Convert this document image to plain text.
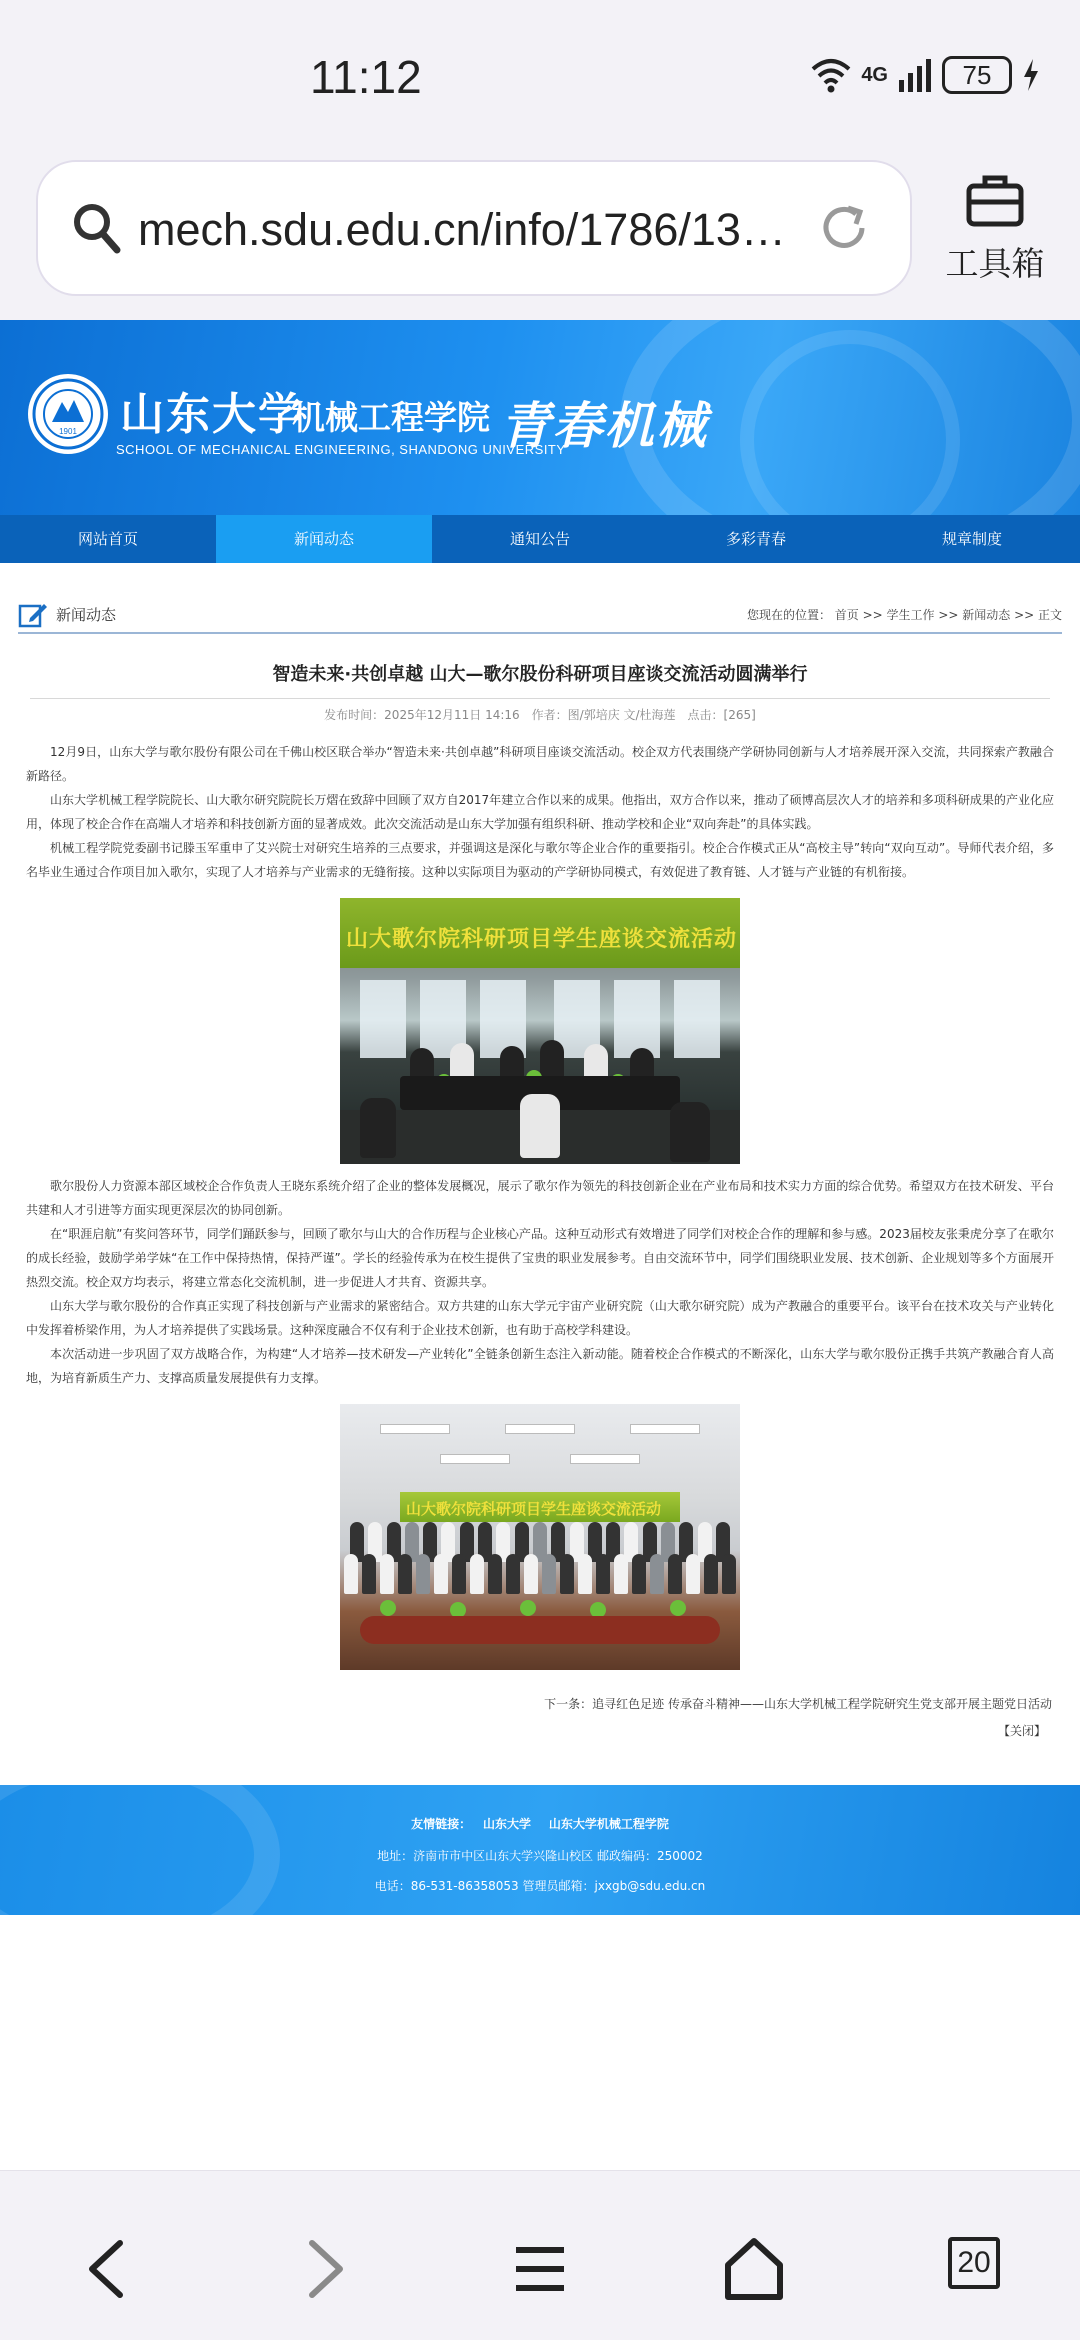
11:12	4G	75
mech.sdu.edu.cn/info/1786/13…
工具箱
1901 山东大学
机械工程学院
SCHOOL OF MECHANICAL ENGINEERING, SHANDONG UNIVERSITY
青春机械
网站首页	新闻动态	通知公告	多彩青春	规章制度
新闻动态	您现在的位置： 首页 >> 学生工作 >> 新闻动态 >> 正文
智造未来·共创卓越 山大—歌尔股份科研项目座谈交流活动圆满举行
发布时间：2025年12月11日 14:16　作者：图/郭培庆 文/杜海莲　点击：[265]

12月9日，山东大学与歌尔股份有限公司在千佛山校区联合举办“智造未来·共创卓越”科研项目座谈交流活动。校企双方代表围绕产学研协同创新与人才培养展开深入交流，共同探索产教融合新路径。

山东大学机械工程学院院长、山大歌尔研究院院长万熠在致辞中回顾了双方自2017年建立合作以来的成果。他指出，双方合作以来，推动了硕博高层次人才的培养和多项科研成果的产业化应用，体现了校企合作在高端人才培养和科技创新方面的显著成效。此次交流活动是山东大学加强有组织科研、推动学校和企业“双向奔赴”的具体实践。

机械工程学院党委副书记滕玉军重申了艾兴院士对研究生培养的三点要求，并强调这是深化与歌尔等企业合作的重要指引。校企合作模式正从“高校主导”转向“双向互动”。导师代表介绍，多名毕业生通过合作项目加入歌尔，实现了人才培养与产业需求的无缝衔接。这种以实际项目为驱动的产学研协同模式，有效促进了教育链、人才链与产业链的有机衔接。

山大歌尔院科研项目学生座谈交流活动

歌尔股份人力资源本部区域校企合作负责人王晓东系统介绍了企业的整体发展概况，展示了歌尔作为领先的科技创新企业在产业布局和技术实力方面的综合优势。希望双方在技术研发、平台共建和人才引进等方面实现更深层次的协同创新。

在“职涯启航”有奖问答环节，同学们踊跃参与，回顾了歌尔与山大的合作历程与企业核心产品。这种互动形式有效增进了同学们对校企合作的理解和参与感。2023届校友张秉虎分享了在歌尔的成长经验，鼓励学弟学妹“在工作中保持热情，保持严谨”。学长的经验传承为在校生提供了宝贵的职业发展参考。自由交流环节中，同学们围绕职业发展、技术创新、企业规划等多个方面展开热烈交流。校企双方均表示，将建立常态化交流机制，进一步促进人才共育、资源共享。

山东大学与歌尔股份的合作真正实现了科技创新与产业需求的紧密结合。双方共建的山东大学元宇宙产业研究院（山大歌尔研究院）成为产教融合的重要平台。该平台在技术攻关与产业转化中发挥着桥梁作用，为人才培养提供了实践场景。这种深度融合不仅有利于企业技术创新，也有助于高校学科建设。

本次活动进一步巩固了双方战略合作，为构建“人才培养—技术研发—产业转化”全链条创新生态注入新动能。随着校企合作模式的不断深化，山东大学与歌尔股份正携手共筑产教融合育人高地，为培育新质生产力、支撑高质量发展提供有力支撑。

山大歌尔院科研项目学生座谈交流活动
下一条：追寻红色足迹 传承奋斗精神——山东大学机械工程学院研究生党支部开展主题党日活动
【关闭】
友情链接： 山东大学 山东大学机械工程学院
地址：济南市市中区山东大学兴隆山校区 邮政编码：250002
电话：86-531-86358053 管理员邮箱：jxxgb@sdu.edu.cn
20
